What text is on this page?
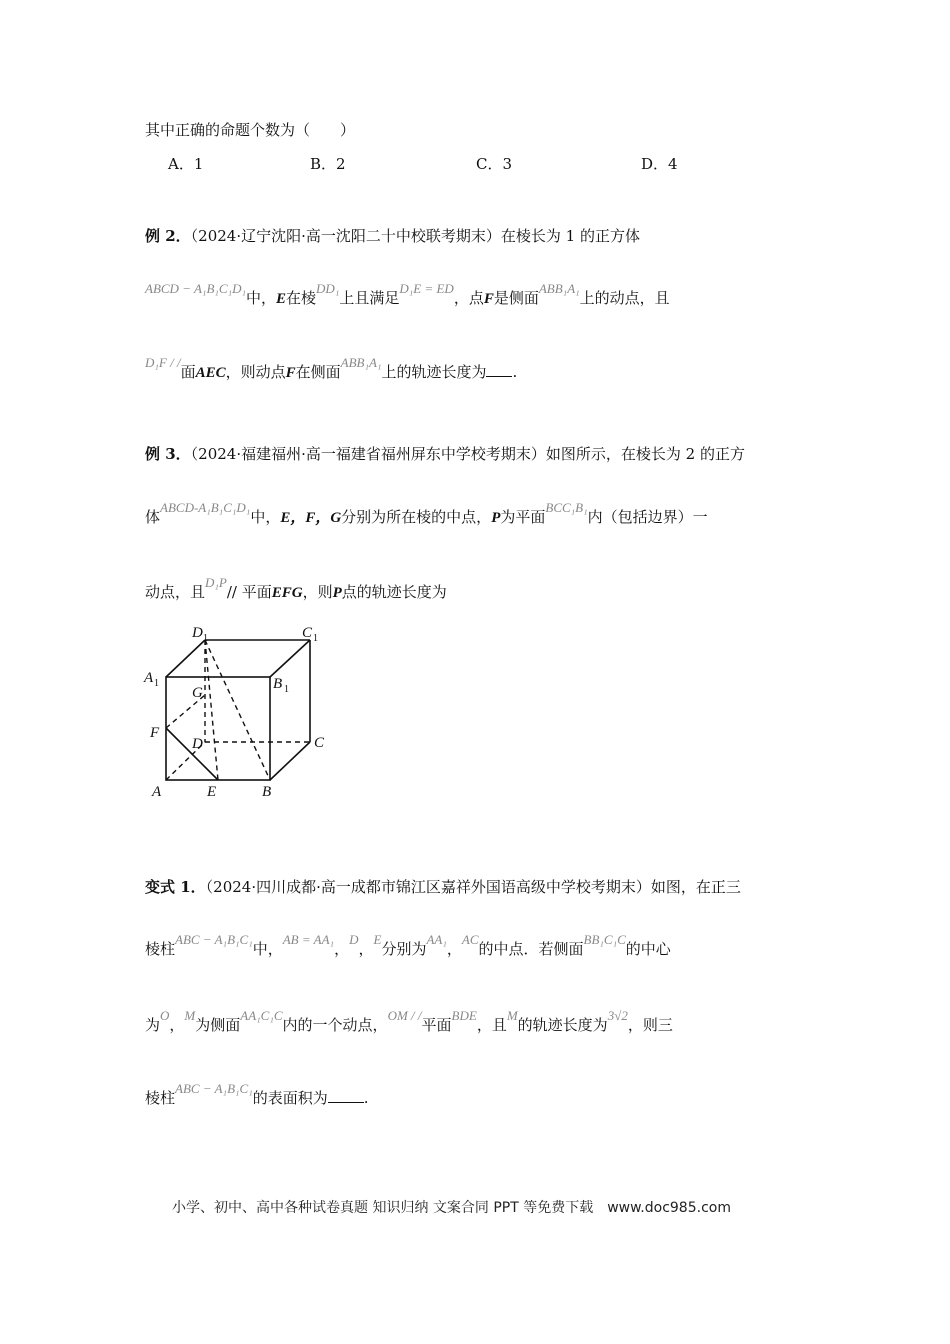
其中正确的命题个数为（　　）
A．1	B．2	C．3	D．4
例 2．（2024·辽宁沈阳·高一沈阳二十中校联考期末）在棱长为 1 的正方体
ABCD − A₁B₁C₁D₁中，E在棱DD₁上且满足D₁E = ED，点F是侧面ABB₁A₁上的动点，且
D₁F / /面AEC，则动点F在侧面ABB₁A₁上的轨迹长度为 .
例 3．（2024·福建福州·高一福建省福州屏东中学校考期末）如图所示，在棱长为 2 的正方
体ABCD-A₁B₁C₁D₁中，E，F，G分别为所在棱的中点，P为平面BCC₁B₁内（包括边界）一
动点，且D₁P// 平面EFG，则P点的轨迹长度为
D 1	C 1
A 1	B 1
G
F
D	C
A	E	B
变式 1．（2024·四川成都·高一成都市锦江区嘉祥外国语高级中学校考期末）如图，在正三
棱柱ABC − A₁B₁C₁中，AB = AA₁，D，E分别为AA₁，AC的中点．若侧面BB₁C₁C的中心
为O，M为侧面AA₁C₁C内的一个动点，OM / /平面BDE，且M的轨迹长度为3√2，则三
棱柱ABC − A₁B₁C₁的表面积为 .
小学、初中、高中各种试卷真题 知识归纳 文案合同 PPT 等免费下载　www.doc985.com
